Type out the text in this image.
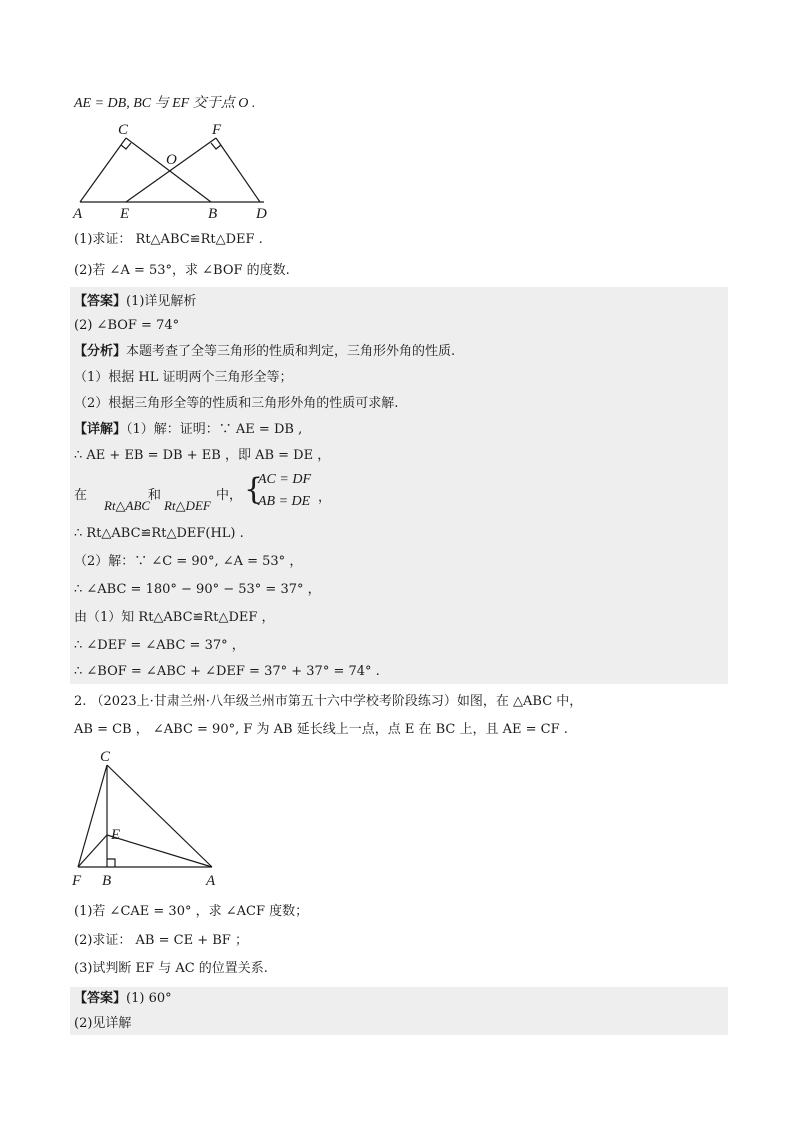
AE = DB, BC 与 EF 交于点 O .
C	F
O
A	E	B	D
(1)求证： Rt△ABC≌Rt△DEF .
(2)若 ∠A = 53°，求 ∠BOF 的度数.
【答案】(1)详见解析
(2) ∠BOF = 74°
【分析】本题考查了全等三角形的性质和判定，三角形外角的性质.
（1）根据 HL 证明两个三角形全等；
（2）根据三角形全等的性质和三角形外角的性质可求解.
【详解】（1）解：证明：∵ AE = DB ,
∴ AE + EB = DB + EB ，即 AB = DE ，
在
Rt△ABC
和
Rt△DEF
中， {
AC = DF
AB = DE ，
∴ Rt△ABC≌Rt△DEF(HL) .
（2）解：∵ ∠C = 90°, ∠A = 53° ，
∴ ∠ABC = 180° − 90° − 53° = 37° ，
由（1）知 Rt△ABC≌Rt△DEF ，
∴ ∠DEF = ∠ABC = 37° ，
∴ ∠BOF = ∠ABC + ∠DEF = 37° + 37° = 74° .
2. （2023上·甘肃兰州·八年级兰州市第五十六中学校考阶段练习）如图，在 △ABC 中，
AB = CB ， ∠ABC = 90°, F 为 AB 延长线上一点，点 E 在 BC 上，且 AE = CF .
C
E
F B	A
(1)若 ∠CAE = 30° ，求 ∠ACF 度数；
(2)求证： AB = CE + BF ；
(3)试判断 EF 与 AC 的位置关系.
【答案】(1) 60°
(2)见详解
